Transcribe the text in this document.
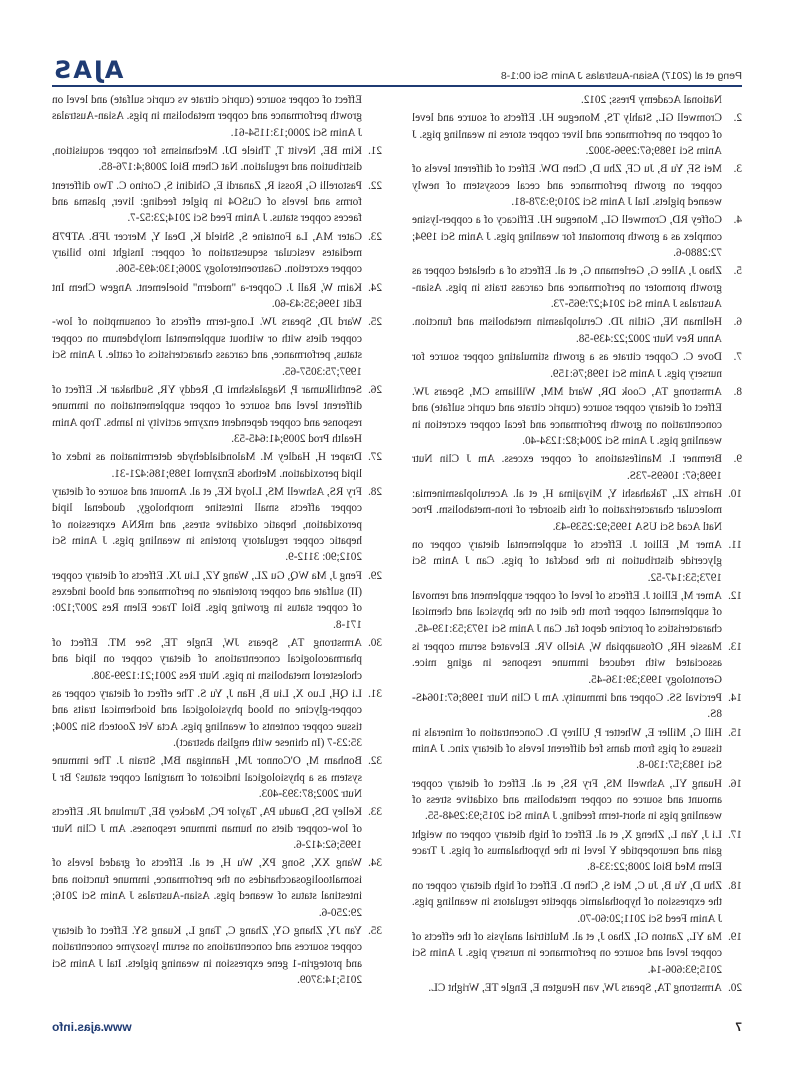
Peng et al (2017) Asian-Australas J Anim Sci 00:1-8
AJAS

National Academy Press; 2012.

2.Cromwell GL, Stahly TS, Monegue HJ. Effects of source and level of copper on performance and liver copper stores in weanling pigs. J Anim Sci 1989;67:2996-3002.

3.Mei SF, Yu B, Ju CF, Zhu D, Chen DW. Effect of different levels of copper on growth performance and cecal ecosystem of newly weaned piglets. Ital J Anim Sci 2010;9:378-81.

4.Coffey RD, Cromwell GL, Monegue HJ. Efficacy of a copper-lysine complex as a growth promotant for weanling pigs. J Anim Sci 1994; 72:2880-6.

5.Zhao J, Allee G, Gerlemann G, et al. Effects of a chelated copper as growth promoter on performance and carcass traits in pigs. Asian-Australas J Anim Sci 2014;27:965-73.

6.Hellman NE, Gitlin JD. Ceruloplasmin metabolism and function. Annu Rev Nutr 2002;22:439-58.

7.Dove C. Copper citrate as a growth stimulating copper source for nursery pigs. J Anim Sci 1998;76:159.

8.Armstrong TA, Cook DR, Ward MM, Williams CM, Spears JW. Effect of dietary copper source (cupric citrate and cupric sulfate) and concentration on growth performance and fecal copper excretion in weanling pigs. J Anim Sci 2004;82:1234-40.

9.Bremner I. Manifestations of copper excess. Am J Clin Nutr 1998;67: 1069S-73S.

10.Harris ZL, Takahashi Y, Miyajima H, et al. Aceruloplasminemia: molecular characterization of this disorder of iron-metabolism. Proc Natl Acad Sci USA 1995;92:2539-43.

11.Amer M, Elliot J. Effects of supplemental dietary copper on glyceride distribution in the backfat of pigs. Can J Anim Sci 1973;53:147-52.

12.Amer M, Elliot J. Effects of level of copper supplement and removal of supplemental copper from the diet on the physical and chemical characteristics of porcine depot fat. Can J Anim Sci 1973;53:139-45.

13.Massie HR, Ofosuappiah W, Aiello VR. Elevated serum copper is associated with reduced immune response in aging mice. Gerontology 1993;39:136-45.

14.Percival SS. Copper and immunity. Am J Clin Nutr 1998;67:1064S-8S.

15.Hill G, Miller E, Whetter P, Ullrey D. Concentration of minerals in tissues of pigs from dams fed different levels of dietary zinc. J Anim Sci 1983;57:130-8.

16.Huang YL, Ashwell MS, Fry RS, et al. Effect of dietary copper amount and source on copper metabolism and oxidative stress of weanling pigs in short-term feeding. J Anim Sci 2015;93:2948-55.

17.Li J, Yan L, Zheng X, et al. Effect of high dietary copper on weight gain and neuropeptide Y level in the hypothalamus of pigs. J Trace Elem Med Biol 2008;22:33-8.

18.Zhu D, Yu B, Ju C, Mei S, Chen D. Effect of high dietary copper on the expression of hypothalamic appetite regulators in weanling pigs. J Anim Feed Sci 2011;20:60-70.

19.Ma YL, Zanton GI, Zhao J, et al. Multitrial analysis of the effects of copper level and source on performance in nursery pigs. J Anim Sci 2015;93:606-14.

20.Armstrong TA, Spears JW, van Heugten E, Engle TE, Wright CL.

Effect of copper source (cupric citrate vs cupric sulfate) and level on growth performance and copper metabolism in pigs. Asian-Australas J Anim Sci 2000;13:1154-61.

21.Kim BE, Nevitt T, Thiele DJ. Mechanisms for copper acquisition, distribution and regulation. Nat Chem Biol 2008;4:176-85.

22.Pastorelli G, Rossi R, Zanardi E, Ghidini S, Corino C. Two different forms and levels of CuSO4 in piglet feeding: liver, plasma and faeces copper status. J Anim Feed Sci 2014;23:52-7.

23.Cater MA, La Fontaine S, Shield K, Deal Y, Mercer JFB. ATP7B mediates vesicular sequestration of copper: Insight into biliary copper excretion. Gastroenterology 2006;130:493-506.

24.Kaim W, Rall J. Copper-a "modern" bioelement. Angew Chem Int Edit 1996;35:43-60.

25.Ward JD, Spears JW. Long-term effects of consumption of low-copper diets with or without supplemental molybdenum on copper status, performance, and carcass characteristics of cattle. J Anim Sci 1997;75:3057-65.

26.Senthilkumar P, Nagalakshmi D, Reddy YR, Sudhakar K. Effect of different level and source of copper supplementation on immune response and copper dependent enzyme activity in lambs. Trop Anim Health Prod 2009;41:645-53.

27.Draper H, Hadley M. Malondialdehyde determination as index of lipid peroxidation. Methods Enzymol 1989;186:421-31.

28.Fry RS, Ashwell MS, Lloyd KE, et al. Amount and source of dietary copper affects small intestine morphology, duodenal lipid peroxidation, hepatic oxidative stress, and mRNA expression of hepatic copper regulatory proteins in weanling pigs. J Anim Sci 2012;90: 3112-9.

29.Feng J, Ma WQ, Gu ZL, Wang YZ, Liu JX. Effects of dietary copper (II) sulfate and copper proteinate on performance and blood indexes of copper status in growing pigs. Biol Trace Elem Res 2007;120: 171-8.

30.Armstrong TA, Spears JW, Engle TE, See MT. Effect of pharmacological concentrations of dietary copper on lipid and cholesterol metabolism in pigs. Nutr Res 2001;21:1299-308.

31.Li QH, Luo X, Liu B, Han J, Yu S. The effect of dietary copper as copper-glycine on blood physiological and biochemical traits and tissue copper contents of weanling pigs. Acta Vet Zootech Sin 2004; 35:23-7 (In chinese with english abstract).

32.Bonham M, O'Connor JM, Hannigan BM, Strain J. The immune system as a physiological indicator of marginal copper status? Br J Nutr 2002;87:393-403.

33.Kelley DS, Daudu PA, Taylor PC, Mackey BE, Turnlund JR. Effects of low-copper diets on human immune responses. Am J Clin Nutr 1995;62:412-6.

34.Wang XX, Song PX, Wu H, et al. Effects of graded levels of isomaltooligosaccharides on the performance, immune function and intestinal status of weaned pigs. Asian-Australas J Anim Sci 2016; 29:250-6.

35.Yan JY, Zhang GY, Zhang C, Tang L, Kuang SY. Effect of dietary copper sources and concentrations on serum lysozyme concentration and protegrin-1 gene expression in weaning piglets. Ital J Anim Sci 2015;14:3709.

7
www.ajas.info
